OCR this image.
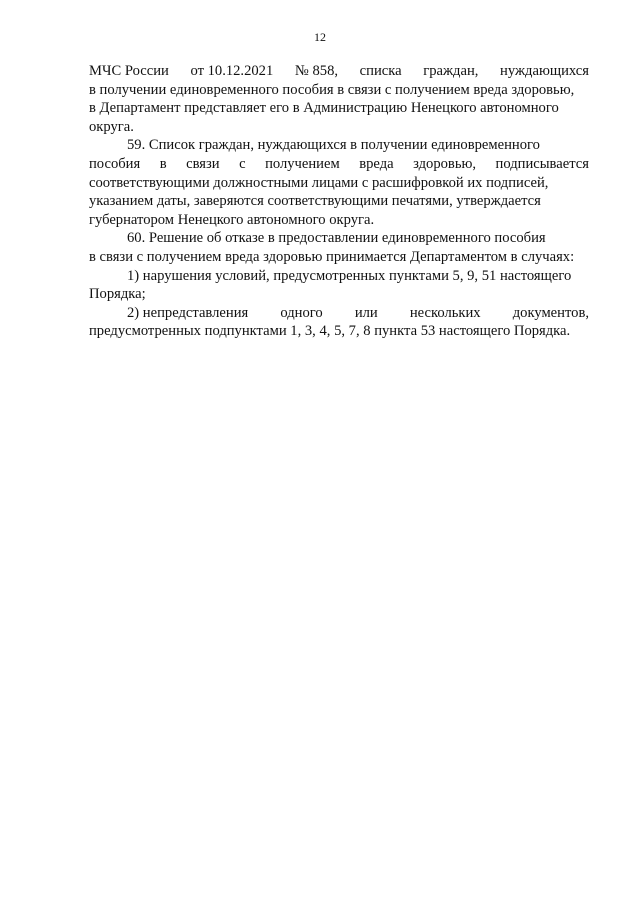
12

МЧС России от 10.12.2021 № 858, списка граждан, нуждающихся
в получении единовременного пособия в связи с получением вреда здоровью,
в Департамент представляет его в Администрацию Ненецкого автономного
округа.

59. Список граждан, нуждающихся в получении единовременного
пособия в связи с получением вреда здоровью, подписывается
соответствующими должностными лицами с расшифровкой их подписей,
указанием даты, заверяются соответствующими печатями, утверждается
губернатором Ненецкого автономного округа.

60. Решение об отказе в предоставлении единовременного пособия
в связи с получением вреда здоровью принимается Департаментом в случаях:

1) нарушения условий, предусмотренных пунктами 5, 9, 51 настоящего
Порядка;

2) непредставления одного или нескольких документов,
предусмотренных подпунктами 1, 3, 4, 5, 7, 8 пункта 53 настоящего Порядка.
